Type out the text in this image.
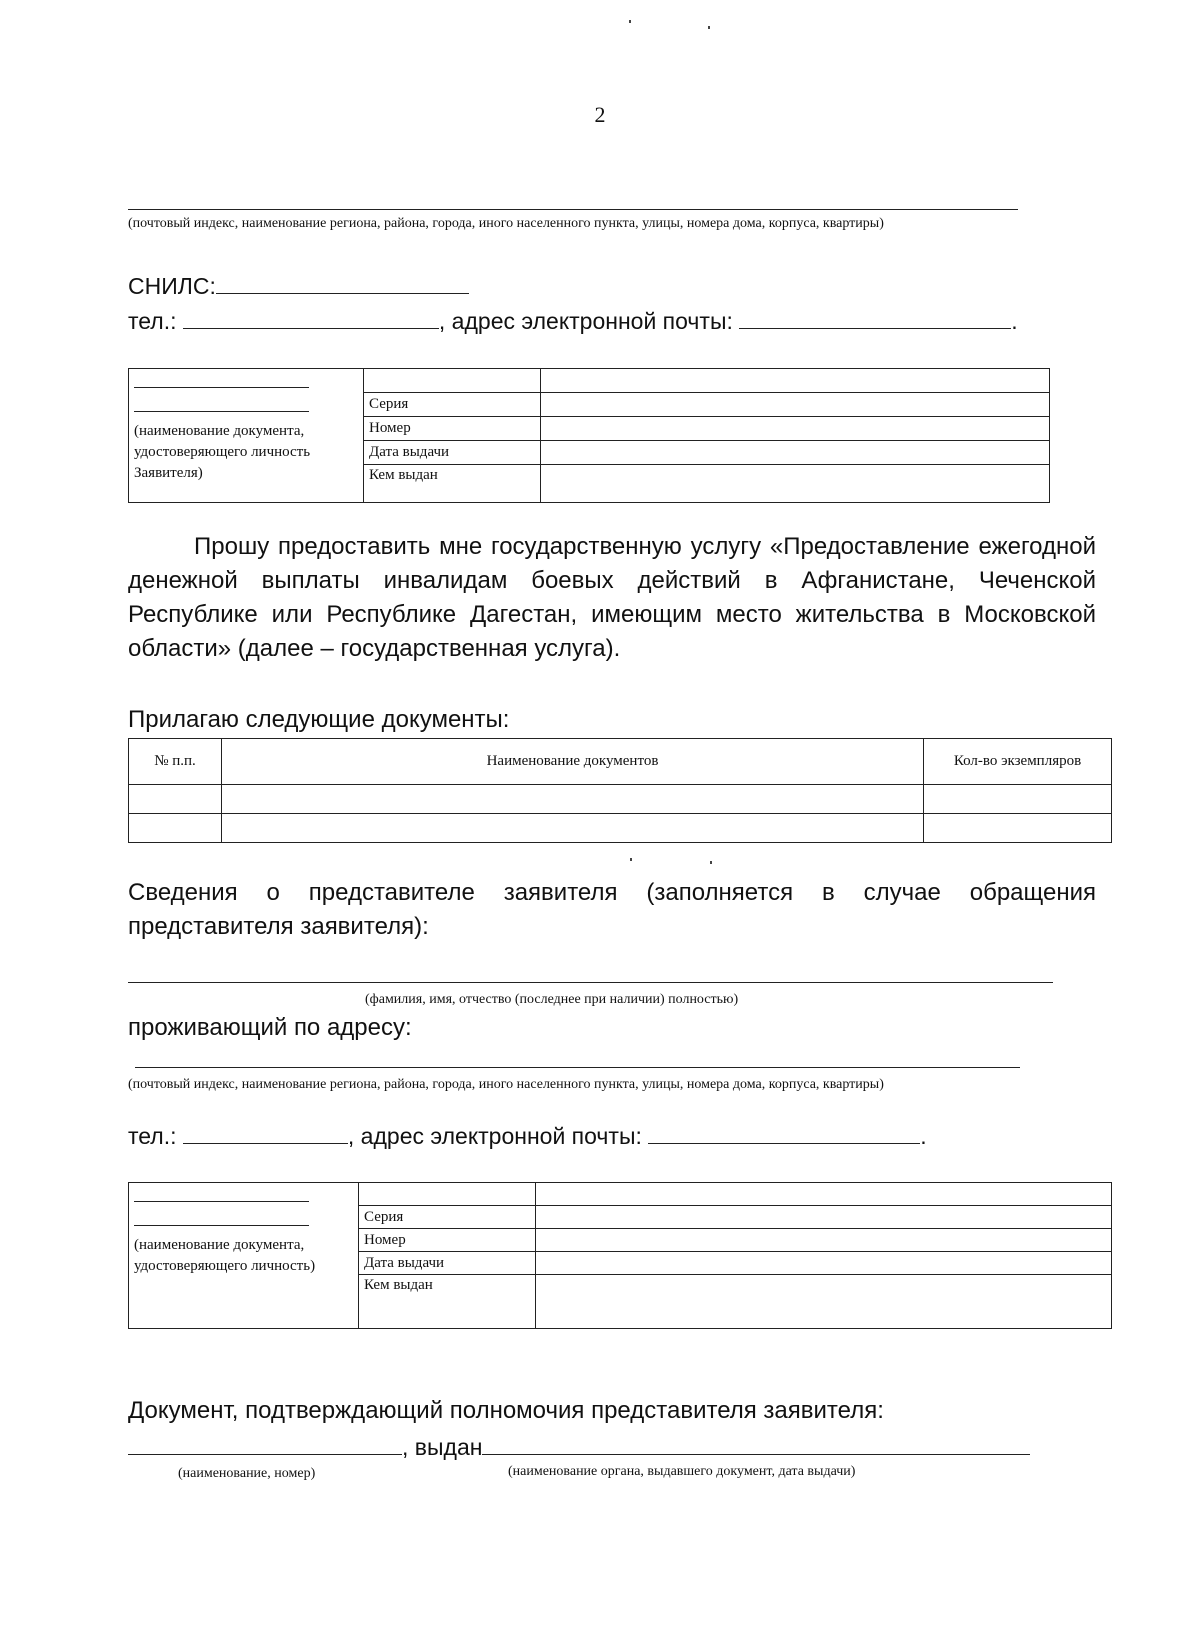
2
(почтовый индекс, наименование региона, района, города, иного населенного пункта, улицы, номера дома, корпуса, квартиры)
СНИЛС:
тел.:	, адрес электронной почты:	.
(наименование документа, удостоверяющего личность Заявителя)		
	Серия	
	Номер	
	Дата выдачи	
	Кем выдан	
Прошу предоставить мне государственную услугу «Предоставление ежегодной денежной выплаты инвалидам боевых действий в Афганистане, Чеченской Республике или Республике Дагестан, имеющим место жительства в Московской области» (далее – государственная услуга).
Прилагаю следующие документы:
№ п.п.	Наименование документов	Кол-во экземпляров

Сведения о представителе заявителя (заполняется в случае обращения представителя заявителя):
(фамилия, имя, отчество (последнее при наличии) полностью)
проживающий по адресу:
(почтовый индекс, наименование региона, района, города, иного населенного пункта, улицы, номера дома, корпуса, квартиры)
тел.:	, адрес электронной почты:	.
(наименование документа, удостоверяющего личность)		
	Серия	
	Номер	
	Дата выдачи	
	Кем выдан	
Документ, подтверждающий полномочия представителя заявителя:
, выдан
(наименование, номер)	(наименование органа, выдавшего документ, дата выдачи)
